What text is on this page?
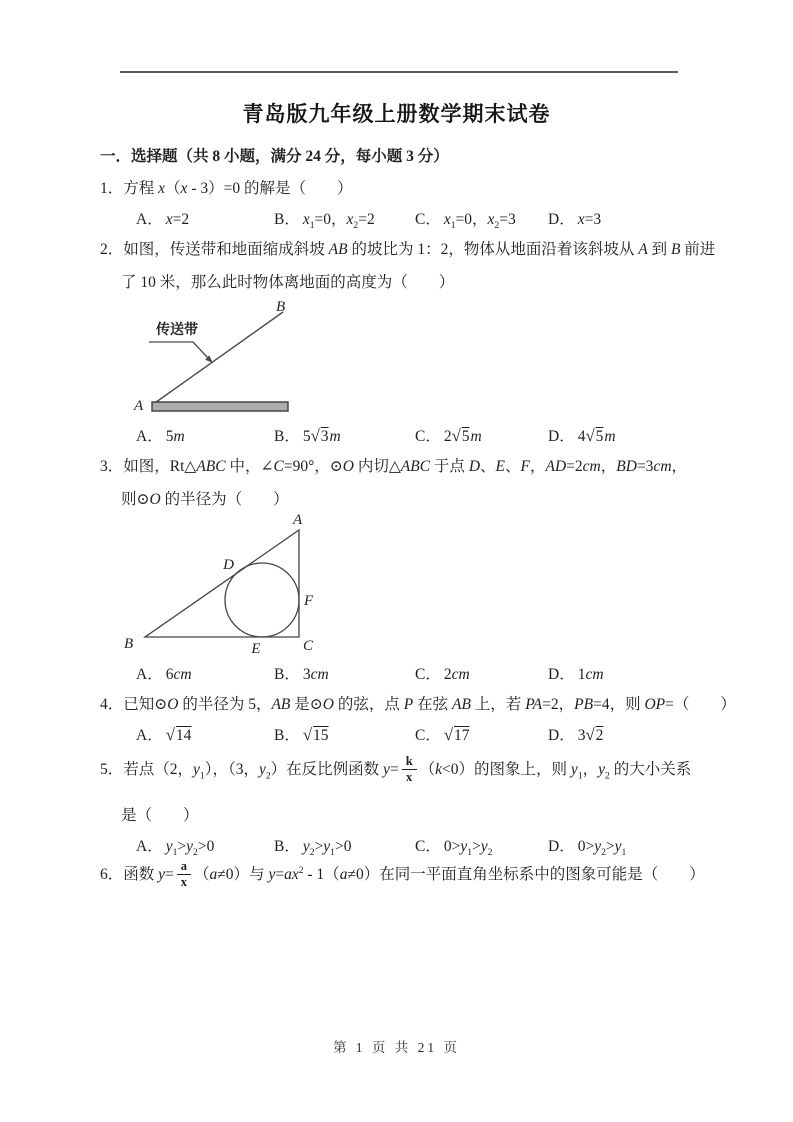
青岛版九年级上册数学期末试卷
一．选择题（共 8 小题，满分 24 分，每小题 3 分）
1．方程 x（x - 3）=0 的解是（　　）
A． x=2	B． $x_1=0$，$x_2=2$	C． $x_1=0$，$x_2=3$ D． x=3
2．如图，传送带和地面缩成斜坡 AB 的坡比为 1：2，物体从地面沿着该斜坡从 A 到 B 前进
了 10 米，那么此时物体离地面的高度为（　　）
传送带
A
B
A． 5m	B． 5√3m	C． 2√5m	D． 4√5m
3．如图，Rt△ABC 中，∠C=90°，⊙O 内切△ABC 于点 D、E、F，AD=2cm，BD=3cm，
则⊙O 的半径为（　　）
A
B	C
D
E
F
A． 6cm	B． 3cm	C． 2cm	D． 1cm
4．已知⊙O 的半径为 5，AB 是⊙O 的弦，点 P 在弦 AB 上，若 PA=2，PB=4，则 OP=（　　）
A． √14	B． √15	C． √17	D． 3√2
5．若点（2，$y_1$），（3，$y_2$）在反比例函数 $y= \frac{k}{x} (k<0)$的图象上，则 $y_1$，$y_2$ 的大小关系
是（　　）
A． $y_1>y_2>0$	B． $y_2>y_1>0$	C． $0>y_1>y_2$	D． $0>y_2>y_1$
6．函数 $y= \frac{a}{x} (a\ne 0)$与 $y=ax^2 - 1(a\ne 0)$在同一平面直角坐标系中的图象可能是（　　）
第 1 页 共 21 页
